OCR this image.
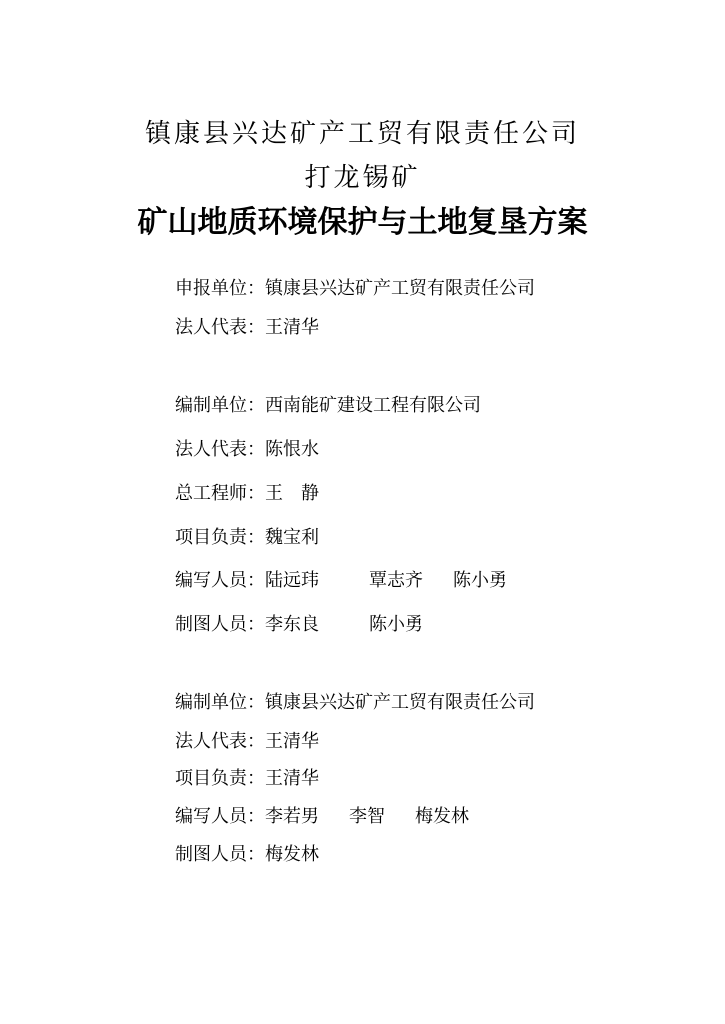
镇康县兴达矿产工贸有限责任公司
打龙锡矿
矿山地质环境保护与土地复垦方案
申报单位：镇康县兴达矿产工贸有限责任公司
法人代表：王清华
编制单位：西南能矿建设工程有限公司
法人代表：陈恨水
总工程师：王 静
项目负责：魏宝利
编写人员：陆远玮	覃志齐 陈小勇
制图人员：李东良	陈小勇
编制单位：镇康县兴达矿产工贸有限责任公司
法人代表：王清华
项目负责：王清华
编写人员：李若男 李智 梅发林
制图人员：梅发林
